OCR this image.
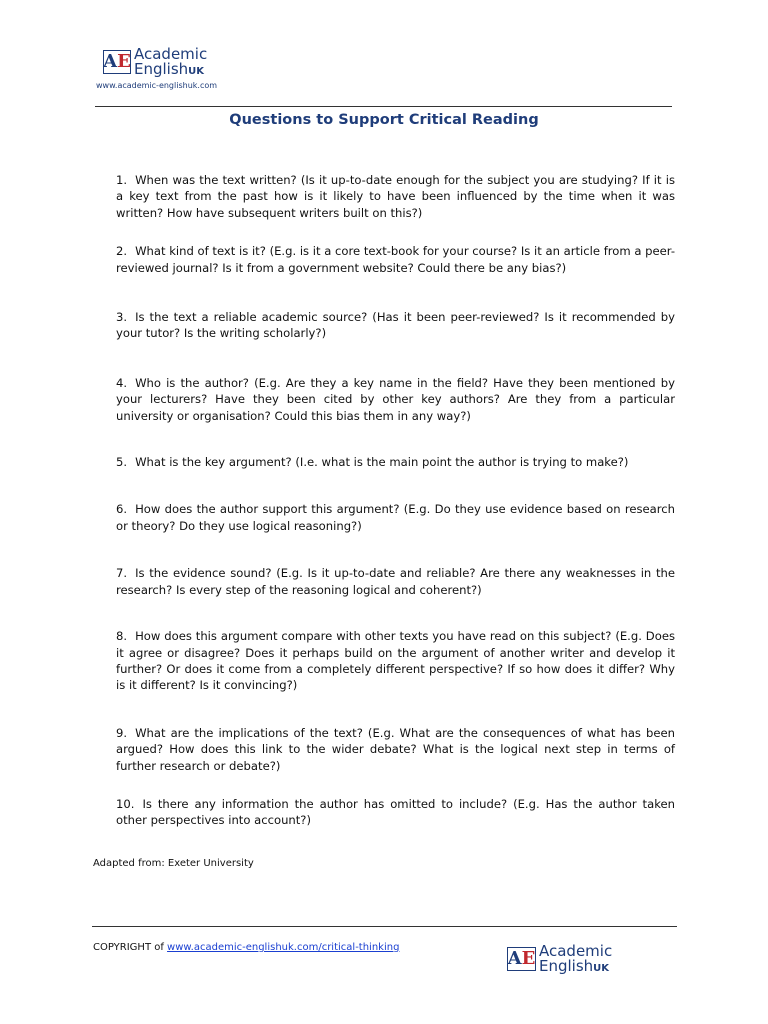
A E Academic
EnglishUK
www.academic-englishuk.com
Questions to Support Critical Reading

1. When was the text written? (Is it up-to-date enough for the subject you are studying? If it is a key text from the past how is it likely to have been influenced by the time when it was written? How have subsequent writers built on this?)

2. What kind of text is it? (E.g. is it a core text-book for your course? Is it an article from a peer-reviewed journal? Is it from a government website? Could there be any bias?)

3. Is the text a reliable academic source? (Has it been peer-reviewed? Is it recommended by your tutor? Is the writing scholarly?)

4. Who is the author? (E.g. Are they a key name in the field? Have they been mentioned by your lecturers? Have they been cited by other key authors? Are they from a particular university or organisation? Could this bias them in any way?)

5. What is the key argument? (I.e. what is the main point the author is trying to make?)

6. How does the author support this argument? (E.g. Do they use evidence based on research or theory? Do they use logical reasoning?)

7. Is the evidence sound? (E.g. Is it up-to-date and reliable? Are there any weaknesses in the research? Is every step of the reasoning logical and coherent?)

8. How does this argument compare with other texts you have read on this subject? (E.g. Does it agree or disagree? Does it perhaps build on the argument of another writer and develop it further? Or does it come from a completely different perspective? If so how does it differ? Why is it different? Is it convincing?)

9. What are the implications of the text? (E.g. What are the consequences of what has been argued? How does this link to the wider debate? What is the logical next step in terms of further research or debate?)

10. Is there any information the author has omitted to include? (E.g. Has the author taken other perspectives into account?)

Adapted from: Exeter University
COPYRIGHT of www.academic-englishuk.com/critical-thinking
A E Academic
EnglishUK
